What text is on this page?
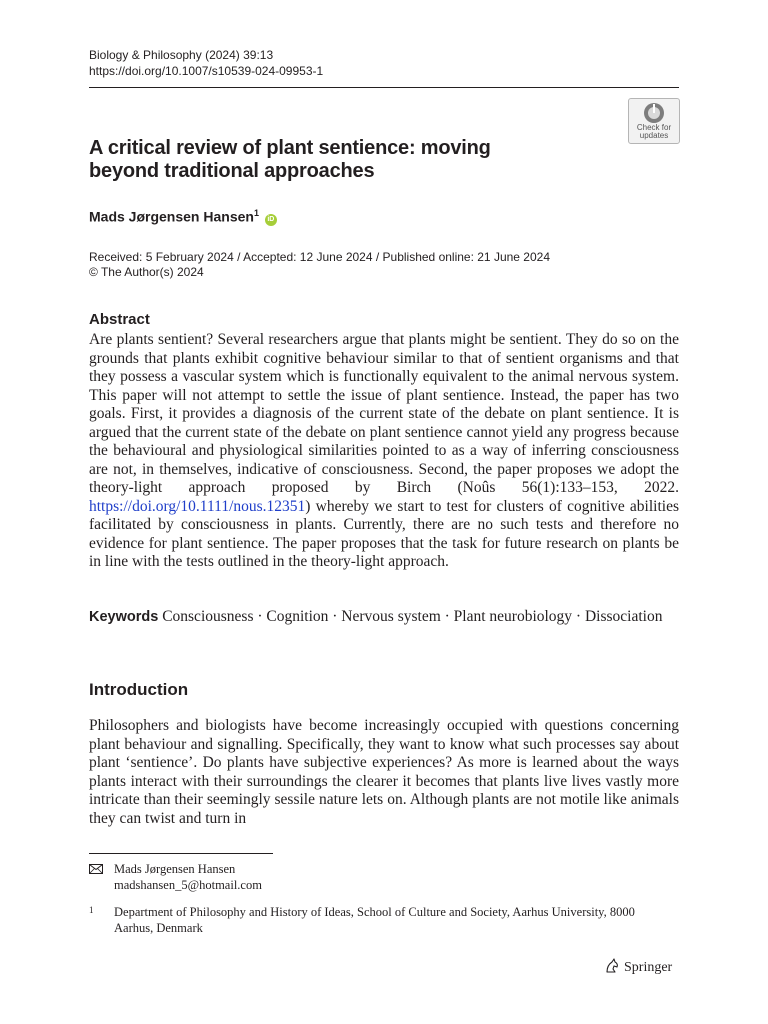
Biology & Philosophy (2024) 39:13
https://doi.org/10.1007/s10539-024-09953-1
Check for
updates
A critical review of plant sentience: moving beyond traditional approaches
Mads Jørgensen Hansen$^1$ iD
Received: 5 February 2024 / Accepted: 12 June 2024 / Published online: 21 June 2024
© The Author(s) 2024
Abstract

Are plants sentient? Several researchers argue that plants might be sentient. They do so on the grounds that plants exhibit cognitive behaviour similar to that of sentient organisms and that they possess a vascular system which is functionally equivalent to the animal nervous system. This paper will not attempt to settle the issue of plant sentience. Instead, the paper has two goals. First, it provides a diagnosis of the current state of the debate on plant sentience. It is argued that the current state of the debate on plant sentience cannot yield any progress because the behavioural and physiological similarities pointed to as a way of inferring consciousness are not, in themselves, indicative of consciousness. Second, the paper proposes we adopt the theory-light approach proposed by Birch (Noûs 56(1):133–153, 2022. https://doi.org/10.1111/nous.12351) whereby we start to test for clusters of cognitive abilities facilitated by consciousness in plants. Currently, there are no such tests and therefore no evidence for plant sentience. The paper proposes that the task for future research on plants be in line with the tests outlined in the theory-light approach.

Keywords Consciousness · Cognition · Nervous system · Plant neurobiology · Dissociation

Introduction

Philosophers and biologists have become increasingly occupied with questions concerning plant behaviour and signalling. Specifically, they want to know what such processes say about plant ‘sentience’. Do plants have subjective experiences? As more is learned about the ways plants interact with their surroundings the clearer it becomes that plants live lives vastly more intricate than their seemingly sessile nature lets on. Although plants are not motile like animals they can twist and turn in

Mads Jørgensen Hansen
madshansen_5@hotmail.com
1 Department of Philosophy and History of Ideas, School of Culture and Society, Aarhus University, 8000 Aarhus, Denmark
Springer
